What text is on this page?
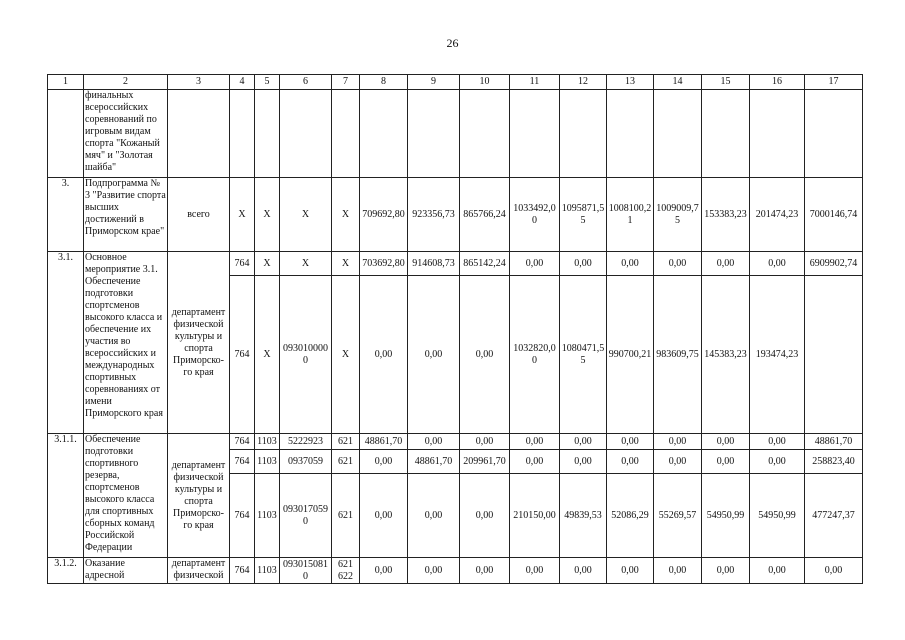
26
1	2	3	4	5	6	7	8	9	10	11	12	13	14	15	16	17
	финальных всероссийских соревнований по игровым видам спорта "Кожаный мяч" и "Золотая шайба"															
3.	Подпрограмма № 3 "Развитие спорта высших достижений в Приморском крае"	всего	Х	Х	Х	Х	709692,80	923356,73	865766,24	1033492,00	1095871,55	1008100,21	1009009,75	153383,23	201474,23	7000146,74
3.1.	Основное мероприятие 3.1. Обеспечение подготовки спортсменов высокого класса и обеспечение их участия во всероссийских и международных спортивных соревнованиях от имени Приморского края	департамент физической культуры и спорта Приморско-го края	764	Х	Х	Х	703692,80	914608,73	865142,24	0,00	0,00	0,00	0,00	0,00	0,00	6909902,74
			764	Х	0930100000	Х	0,00	0,00	0,00	1032820,00	1080471,55	990700,21	983609,75	145383,23	193474,23	
3.1.1.	Обеспечение подготовки спортивного резерва, спортсменов высокого класса для спортивных сборных команд Российской Федерации	департамент физической культуры и спорта Приморско-го края	764	1103	5222923	621	48861,70	0,00	0,00	0,00	0,00	0,00	0,00	0,00	0,00	48861,70
			764	1103	0937059	621	0,00	48861,70	209961,70	0,00	0,00	0,00	0,00	0,00	0,00	258823,40
			764	1103	0930170590	621	0,00	0,00	0,00	210150,00	49839,53	52086,29	55269,57	54950,99	54950,99	477247,37
3.1.2.	Оказание адресной	департамент физической	764	1103	0930150810	621 622	0,00	0,00	0,00	0,00	0,00	0,00	0,00	0,00	0,00	0,00
